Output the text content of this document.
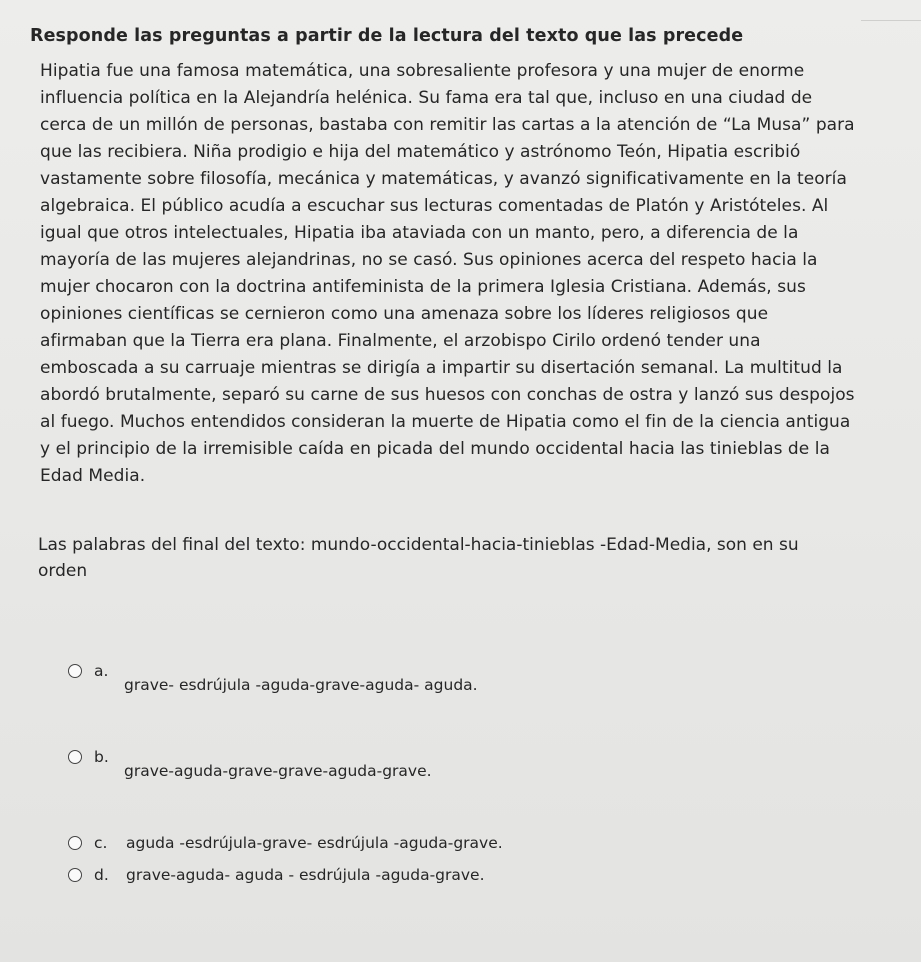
Responde las preguntas a partir de la lectura del texto que las precede
Hipatia fue una famosa matemática, una sobresaliente profesora y una mujer de enorme influencia política en la Alejandría helénica. Su fama era tal que, incluso en una ciudad de cerca de un millón de personas, bastaba con remitir las cartas a la atención de “La Musa” para que las recibiera. Niña prodigio e hija del matemático y astrónomo Teón, Hipatia escribió vastamente sobre filosofía, mecánica y matemáticas, y avanzó significativamente en la teoría algebraica. El público acudía a escuchar sus lecturas comentadas de Platón y Aristóteles. Al igual que otros intelectuales, Hipatia iba ataviada con un manto, pero, a diferencia de la mayoría de las mujeres alejandrinas, no se casó. Sus opiniones acerca del respeto hacia la mujer chocaron con la doctrina antifeminista de la primera Iglesia Cristiana. Además, sus opiniones científicas se cernieron como una amenaza sobre los líderes religiosos que afirmaban que la Tierra era plana. Finalmente, el arzobispo Cirilo ordenó tender una emboscada a su carruaje mientras se dirigía a impartir su disertación semanal. La multitud la abordó brutalmente, separó su carne de sus huesos con conchas de ostra y lanzó sus despojos al fuego. Muchos entendidos consideran la muerte de Hipatia como el fin de la ciencia antigua y el principio de la irremisible caída en picada del mundo occidental hacia las tinieblas de la Edad Media.
Las palabras del final del texto: mundo-occidental-hacia-tinieblas -Edad-Media, son en su orden
a.
grave- esdrújula -aguda-grave-aguda- aguda.
b.
grave-aguda-grave-grave-aguda-grave.
c.	aguda -esdrújula-grave- esdrújula -aguda-grave.
d.	grave-aguda- aguda - esdrújula -aguda-grave.
